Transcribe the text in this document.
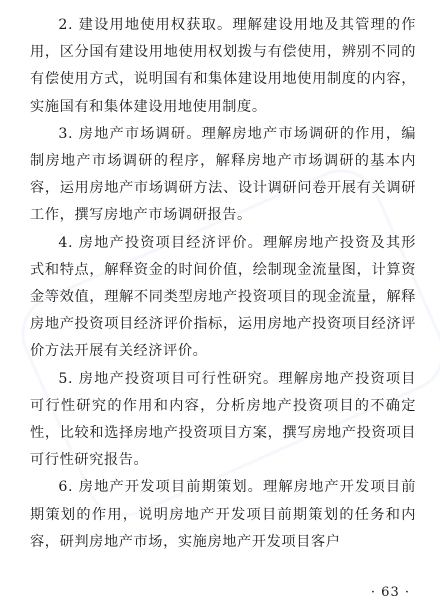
2. 建设用地使用权获取。理解建设用地及其管理的作用，区分国有建设用地使用权划拨与有偿使用，辨别不同的有偿使用方式，说明国有和集体建设用地使用制度的内容，实施国有和集体建设用地使用制度。

3. 房地产市场调研。理解房地产市场调研的作用，编制房地产市场调研的程序，解释房地产市场调研的基本内容，运用房地产市场调研方法、设计调研问卷开展有关调研工作，撰写房地产市场调研报告。

4. 房地产投资项目经济评价。理解房地产投资及其形式和特点，解释资金的时间价值，绘制现金流量图，计算资金等效值，理解不同类型房地产投资项目的现金流量，解释房地产投资项目经济评价指标，运用房地产投资项目经济评价方法开展有关经济评价。

5. 房地产投资项目可行性研究。理解房地产投资项目可行性研究的作用和内容，分析房地产投资项目的不确定性，比较和选择房地产投资项目方案，撰写房地产投资项目可行性研究报告。

6. 房地产开发项目前期策划。理解房地产开发项目前期策划的作用，说明房地产开发项目前期策划的任务和内容，研判房地产市场，实施房地产开发项目客户

· 63 ·
